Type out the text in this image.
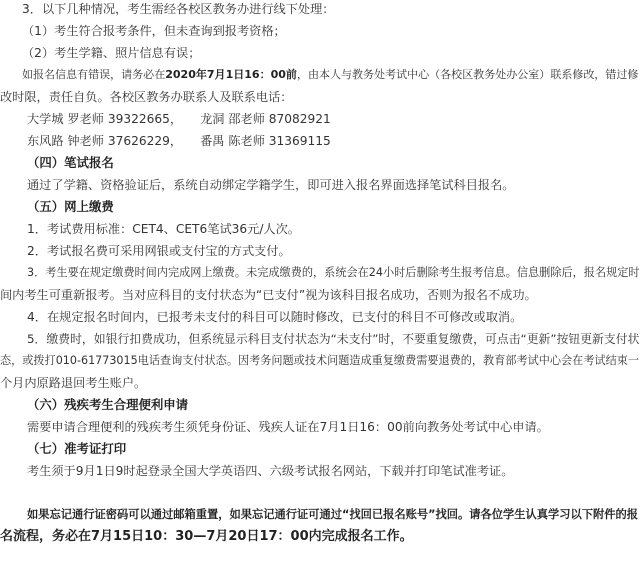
3．以下几种情况，考生需经各校区教务办进行线下处理：
（1）考生符合报考条件，但未查询到报考资格；
（2）考生学籍、照片信息有误；
如报名信息有错误，请务必在2020年7月1日16：00前，由本人与教务处考试中心（各校区教务处办公室）联系修改，错过修
改时限，责任自负。各校区教务办联系人及联系电话：
大学城 罗老师 39322665， 龙洞 邵老师 87082921
东风路 钟老师 37626229， 番禺 陈老师 31369115
（四）笔试报名
通过了学籍、资格验证后，系统自动绑定学籍学生，即可进入报名界面选择笔试科目报名。
（五）网上缴费
1．考试费用标准：CET4、CET6笔试36元/人次。
2．考试报名费可采用网银或支付宝的方式支付。
3．考生要在规定缴费时间内完成网上缴费。未完成缴费的，系统会在24小时后删除考生报考信息。信息删除后，报名规定时
间内考生可重新报考。当对应科目的支付状态为“已支付”视为该科目报名成功，否则为报名不成功。
4．在规定报名时间内，已报考未支付的科目可以随时修改，已支付的科目不可修改或取消。
5．缴费时，如银行扣费成功，但系统显示科目支付状态为“未支付”时，不要重复缴费，可点击“更新”按钮更新支付状
态，或拨打010-61773015电话查询支付状态。因考务问题或技术问题造成重复缴费需要退费的，教育部考试中心会在考试结束一
个月内原路退回考生账户。
（六）残疾考生合理便利申请
需要申请合理便利的残疾考生须凭身份证、残疾人证在7月1日16：00前向教务处考试中心申请。
（七）准考证打印
考生须于9月1日9时起登录全国大学英语四、六级考试报名网站，下载并打印笔试准考证。
如果忘记通行证密码可以通过邮箱重置，如果忘记通行证可通过“找回已报名账号”找回。请各位学生认真学习以下附件的报
名流程，务必在7月15日10：30—7月20日17：00内完成报名工作。
